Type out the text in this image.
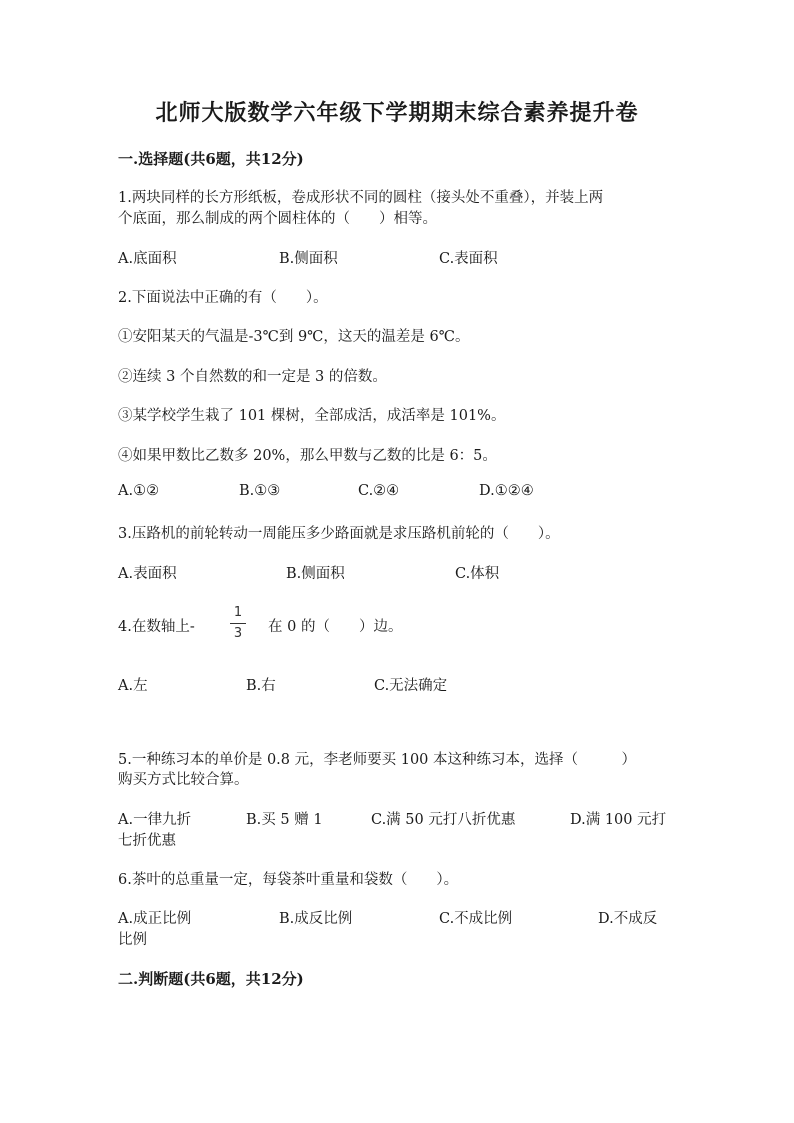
北师大版数学六年级下学期期末综合素养提升卷
一.选择题(共6题，共12分)
1.两块同样的长方形纸板，卷成形状不同的圆柱（接头处不重叠），并装上两
个底面，那么制成的两个圆柱体的（　　）相等。
A.底面积	B.侧面积	C.表面积
2.下面说法中正确的有（　　）。
①安阳某天的气温是-3℃到 9℃，这天的温差是 6℃。
②连续 3 个自然数的和一定是 3 的倍数。
③某学校学生栽了 101 棵树，全部成活，成活率是 101%。
④如果甲数比乙数多 20%，那么甲数与乙数的比是 6：5。
A.①②	B.①③	C.②④	D.①②④
3.压路机的前轮转动一周能压多少路面就是求压路机前轮的（　　）。
A.表面积	B.侧面积	C.体积
4.在数轴上-
1
3	在 0 的（　　）边。
A.左	B.右	C.无法确定
5.一种练习本的单价是 0.8 元，李老师要买 100 本这种练习本，选择（　　　）
购买方式比较合算。
A.一律九折	B.买 5 赠 1	C.满 50 元打八折优惠	D.满 100 元打
七折优惠
6.茶叶的总重量一定，每袋茶叶重量和袋数（　　）。
A.成正比例	B.成反比例	C.不成比例	D.不成反
比例
二.判断题(共6题，共12分)
